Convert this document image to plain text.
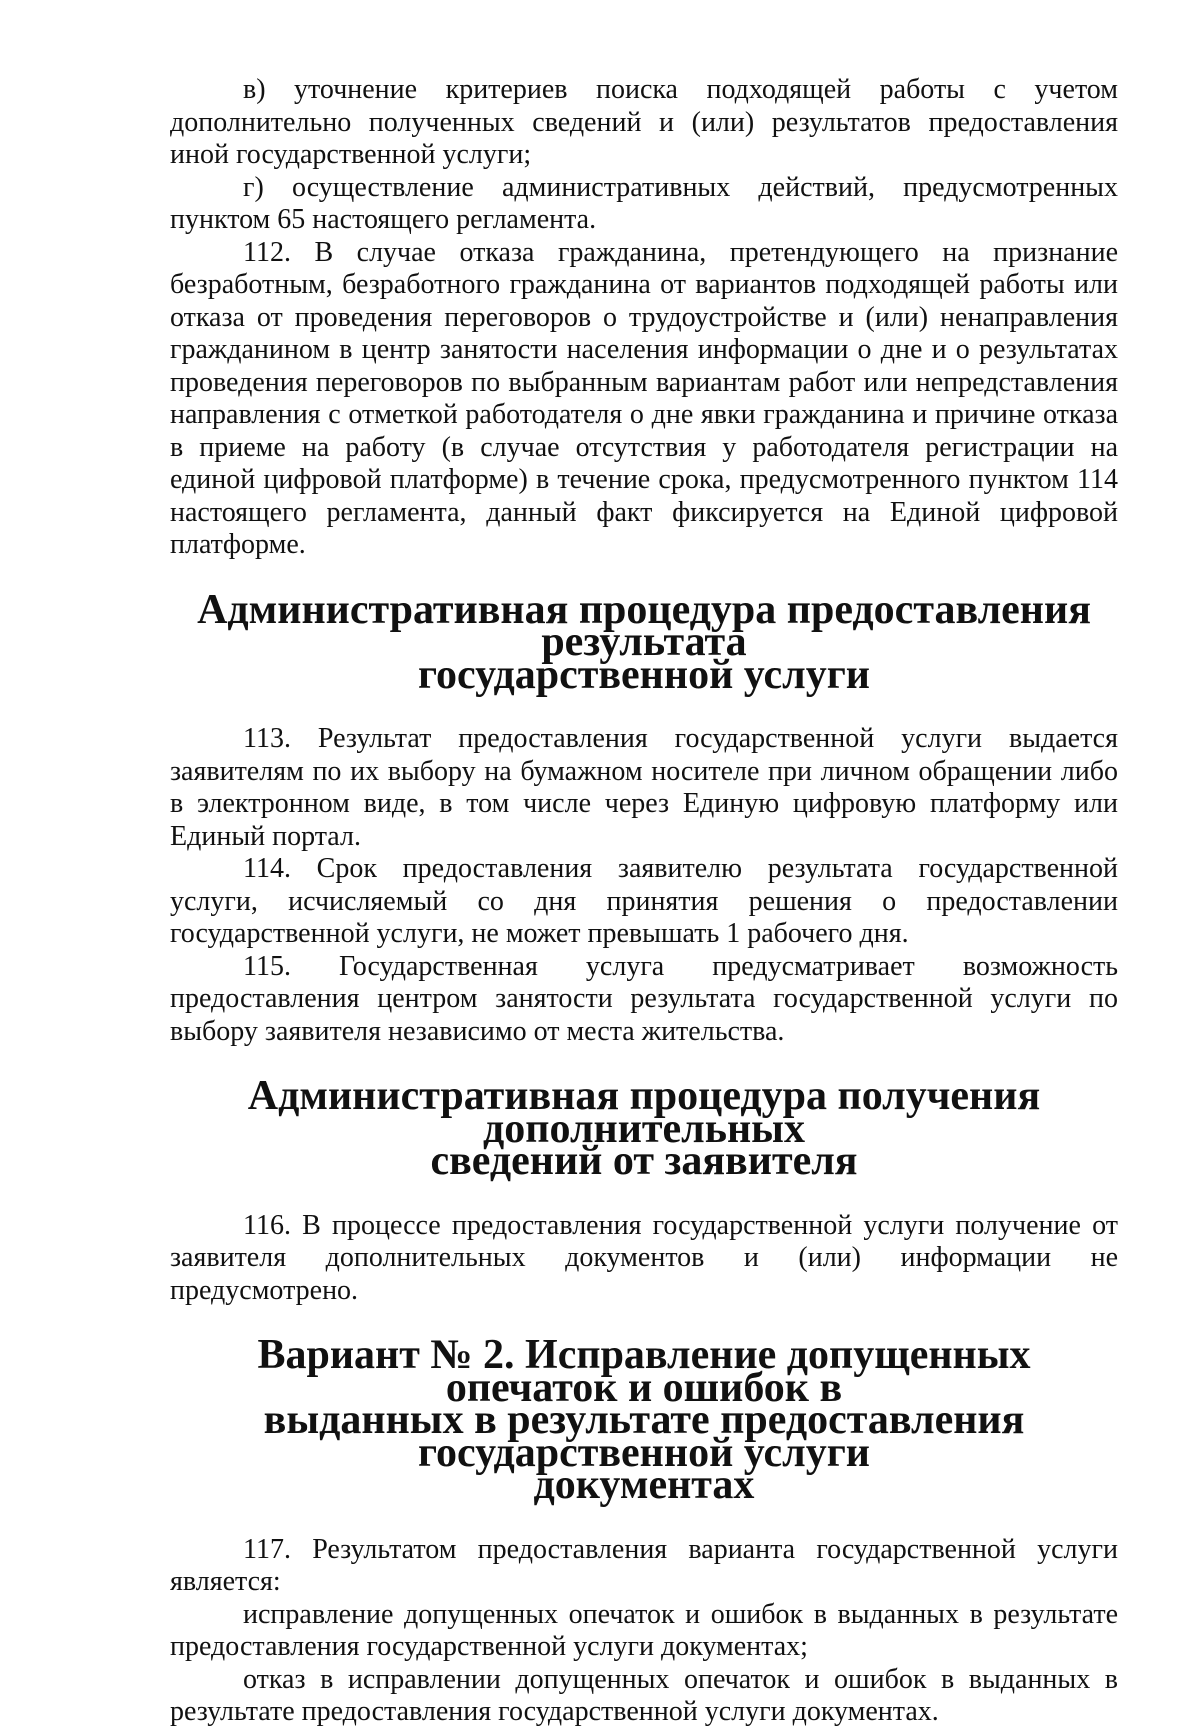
в) уточнение критериев поиска подходящей работы с учетом дополнительно полученных сведений и (или) результатов предоставления иной государственной услуги;

г) осуществление административных действий, предусмотренных пунктом 65 настоящего регламента.

112. В случае отказа гражданина, претендующего на признание безработным, безработного гражданина от вариантов подходящей работы или отказа от проведения переговоров о трудоустройстве и (или) ненаправления гражданином в центр занятости населения информации о дне и о результатах проведения переговоров по выбранным вариантам работ или непредставления направления с отметкой работодателя о дне явки гражданина и причине отказа в приеме на работу (в случае отсутствия у работодателя регистрации на единой цифровой платформе) в течение срока, предусмотренного пунктом 114 настоящего регламента, данный факт фиксируется на Единой цифровой платформе.

Административная процедура предоставления результата
государственной услуги

113. Результат предоставления государственной услуги выдается заявителям по их выбору на бумажном носителе при личном обращении либо в электронном виде, в том числе через Единую цифровую платформу или Единый портал.

114. Срок предоставления заявителю результата государственной услуги, исчисляемый со дня принятия решения о предоставлении государственной услуги, не может превышать 1 рабочего дня.

115. Государственная услуга предусматривает возможность предоставления центром занятости результата государственной услуги по выбору заявителя независимо от места жительства.

Административная процедура получения дополнительных
сведений от заявителя

116. В процессе предоставления государственной услуги получение от заявителя дополнительных документов и (или) информации не предусмотрено.

Вариант № 2. Исправление допущенных опечаток и ошибок в
выданных в результате предоставления государственной услуги
документах

117. Результатом предоставления варианта государственной услуги является:

исправление допущенных опечаток и ошибок в выданных в результате предоставления государственной услуги документах;

отказ в исправлении допущенных опечаток и ошибок в выданных в результате предоставления государственной услуги документах.
